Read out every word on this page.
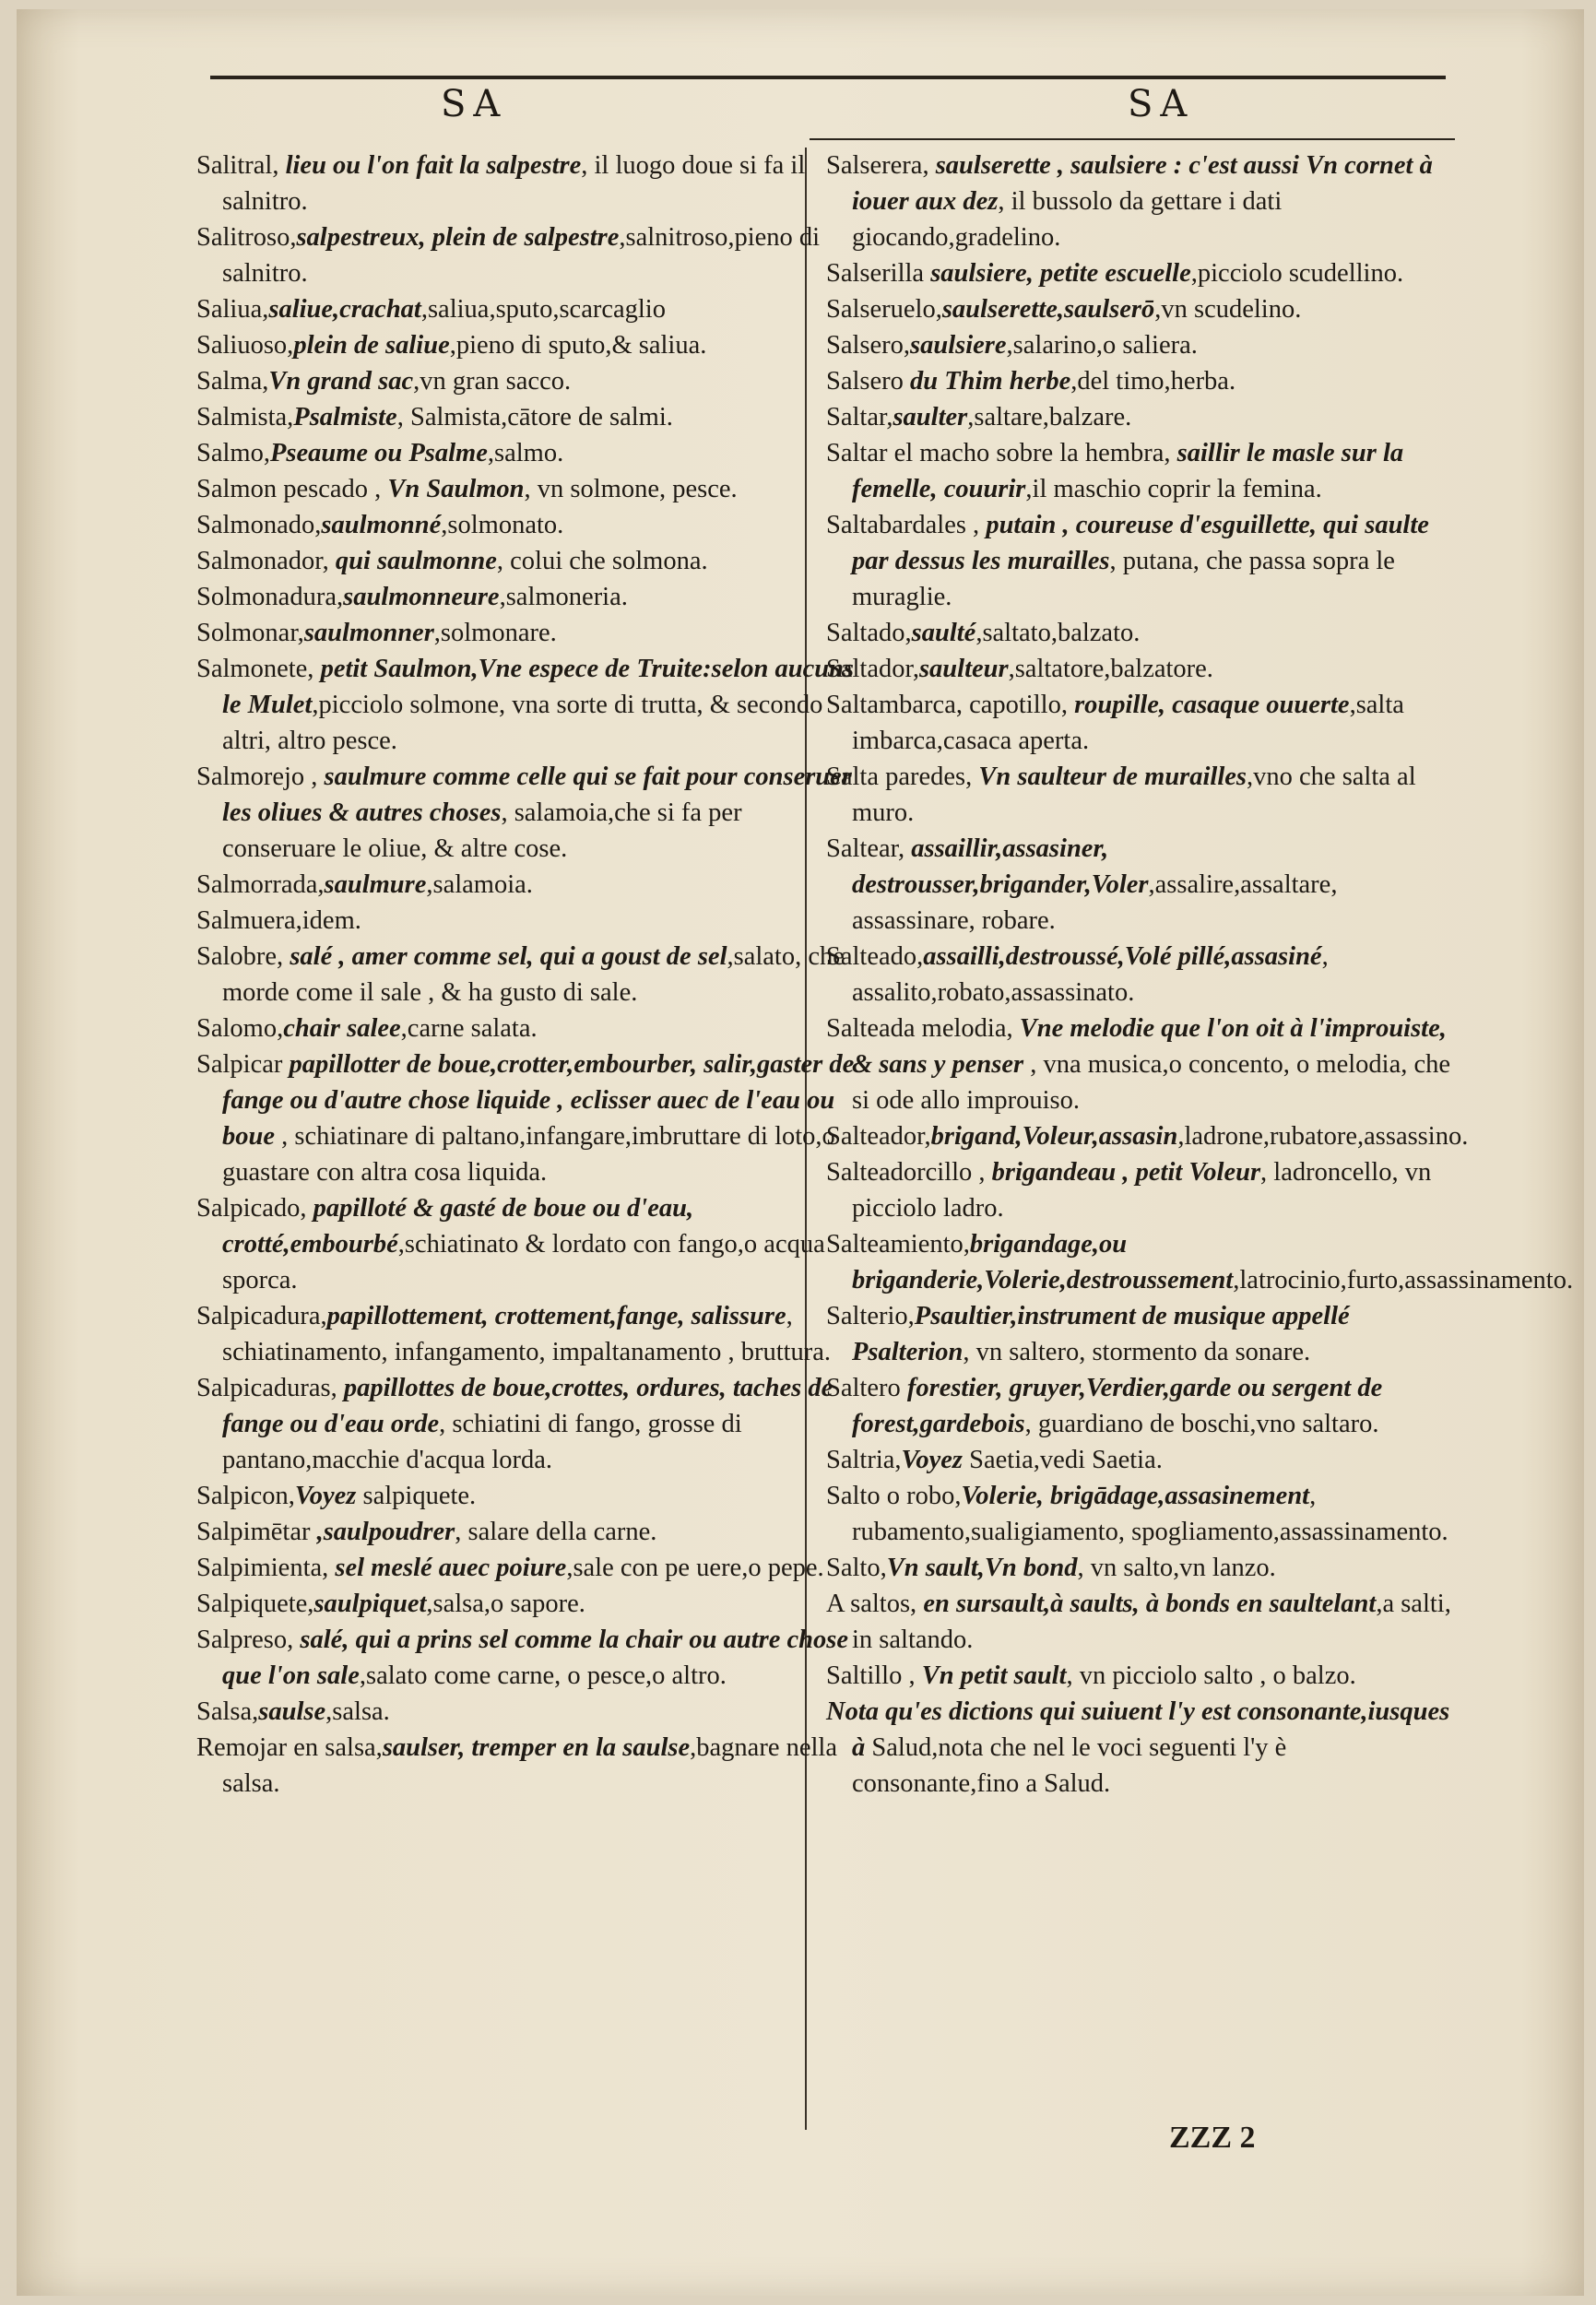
SA	SA

Salitral, lieu ou l'on fait la salpestre, il luogo doue si fa il salnitro.

Salitroso,salpestreux, plein de salpestre,salnitroso,pieno di salnitro.

Saliua,saliue,crachat,saliua,sputo,scarcaglio

Saliuoso,plein de saliue,pieno di sputo,& saliua.

Salma,Vn grand sac,vn gran sacco.

Salmista,Psalmiste, Salmista,cātore de salmi.

Salmo,Pseaume ou Psalme,salmo.

Salmon pescado , Vn Saulmon, vn solmone, pesce.

Salmonado,saulmonné,solmonato.

Salmonador, qui saulmonne, colui che solmona.

Solmonadura,saulmonneure,salmoneria.

Solmonar,saulmonner,solmonare.

Salmonete, petit Saulmon,Vne espece de Truite:selon aucuns le Mulet,picciolo solmone, vna sorte di trutta, & secondo altri, altro pesce.

Salmorejo , saulmure comme celle qui se fait pour conseruer les oliues & autres choses, salamoia,che si fa per conseruare le oliue, & altre cose.

Salmorrada,saulmure,salamoia.

Salmuera,idem.

Salobre, salé , amer comme sel, qui a goust de sel,salato, che morde come il sale , & ha gusto di sale.

Salomo,chair salee,carne salata.

Salpicar papillotter de boue,crotter,embourber, salir,gaster de fange ou d'autre chose liquide , eclisser auec de l'eau ou boue , schiatinare di paltano,infangare,imbruttare di loto,o guastare con altra cosa liquida.

Salpicado, papilloté & gasté de boue ou d'eau, crotté,embourbé,schiatinato & lordato con fango,o acqua sporca.

Salpicadura,papillottement, crottement,fange, salissure, schiatinamento, infangamento, impaltanamento , bruttura.

Salpicaduras, papillottes de boue,crottes, ordures, taches de fange ou d'eau orde, schiatini di fango, grosse di pantano,macchie d'acqua lorda.

Salpicon,Voyez salpiquete.

Salpimētar ,saulpoudrer, salare della carne.

Salpimienta, sel meslé auec poiure,sale con pe uere,o pepe.

Salpiquete,saulpiquet,salsa,o sapore.

Salpreso, salé, qui a prins sel comme la chair ou autre chose que l'on sale,salato come carne, o pesce,o altro.

Salsa,saulse,salsa.

Remojar en salsa,saulser, tremper en la saulse,bagnare nella salsa.

Salserera, saulserette , saulsiere : c'est aussi Vn cornet à iouer aux dez, il bussolo da gettare i dati giocando,gradelino.

Salserilla saulsiere, petite escuelle,picciolo scudellino.

Salseruelo,saulserette,saulserō,vn scudelino.

Salsero,saulsiere,salarino,o saliera.

Salsero du Thim herbe,del timo,herba.

Saltar,saulter,saltare,balzare.

Saltar el macho sobre la hembra, saillir le masle sur la femelle, couurir,il maschio coprir la femina.

Saltabardales , putain , coureuse d'esguillette, qui saulte par dessus les murailles, putana, che passa sopra le muraglie.

Saltado,saulté,saltato,balzato.

Saltador,saulteur,saltatore,balzatore.

Saltambarca, capotillo, roupille, casaque ouuerte,salta imbarca,casaca aperta.

Salta paredes, Vn saulteur de murailles,vno che salta al muro.

Saltear, assaillir,assasiner, destrousser,brigander,Voler,assalire,assaltare, assassinare, robare.

Salteado,assailli,destroussé,Volé pillé,assasiné, assalito,robato,assassinato.

Salteada melodia, Vne melodie que l'on oit à l'improuiste, & sans y penser , vna musica,o concento, o melodia, che si ode allo improuiso.

Salteador,brigand,Voleur,assasin,ladrone,rubatore,assassino.

Salteadorcillo , brigandeau , petit Voleur, ladroncello, vn picciolo ladro.

Salteamiento,brigandage,ou briganderie,Volerie,destroussement,latrocinio,furto,assassinamento.

Salterio,Psaultier,instrument de musique appellé Psalterion, vn saltero, stormento da sonare.

Saltero forestier, gruyer,Verdier,garde ou sergent de forest,gardebois, guardiano de boschi,vno saltaro.

Saltria,Voyez Saetia,vedi Saetia.

Salto o robo,Volerie, brigādage,assasinement, rubamento,sualigiamento, spogliamento,assassinamento.

Salto,Vn sault,Vn bond, vn salto,vn lanzo.

A saltos, en sursault,à saults, à bonds en saultelant,a salti, in saltando.

Saltillo , Vn petit sault, vn picciolo salto , o balzo.

Nota qu'es dictions qui suiuent l'y est consonante,iusques à Salud,nota che nel le voci seguenti l'y è consonante,fino a Salud.

ZZZ 2
